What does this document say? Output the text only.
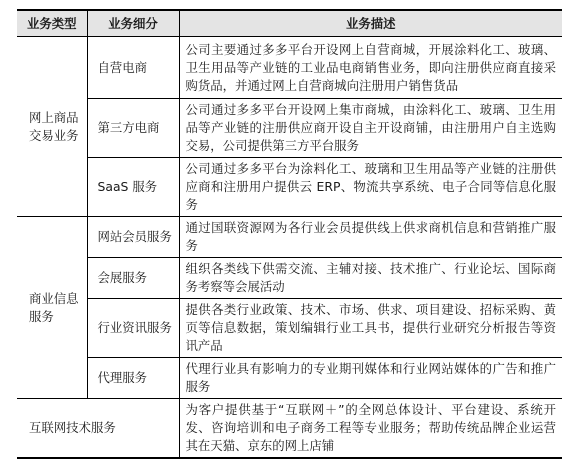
业务类型	业务细分	业务描述
网上商品交易业务	自营电商	公司主要通过多多平台开设网上自营商城，开展涂料化工、玻璃、卫生用品等产业链的工业品电商销售业务，即向注册供应商直接采购货品，并通过网上自营商城向注册用户销售货品
	第三方电商	公司通过多多平台开设网上集市商城，由涂料化工、玻璃、卫生用品等产业链的注册供应商开设自主开设商铺，由注册用户自主选购交易，公司提供第三方平台服务
	SaaS 服务	公司通过多多平台为涂料化工、玻璃和卫生用品等产业链的注册供应商和注册用户提供云 ERP、物流共享系统、电子合同等信息化服务
商业信息服务	网站会员服务	通过国联资源网为各行业会员提供线上供求商机信息和营销推广服务
	会展服务	组织各类线下供需交流、主辅对接、技术推广、行业论坛、国际商务考察等会展活动
	行业资讯服务	提供各类行业政策、技术、市场、供求、项目建设、招标采购、黄页等信息数据，策划编辑行业工具书，提供行业研究分析报告等资讯产品
	代理服务	代理行业具有影响力的专业期刊媒体和行业网站媒体的广告和推广服务
互联网技术服务		为客户提供基于“互联网＋”的全网总体设计、平台建设、系统开发、咨询培训和电子商务工程等专业服务；帮助传统品牌企业运营其在天猫、京东的网上店铺
